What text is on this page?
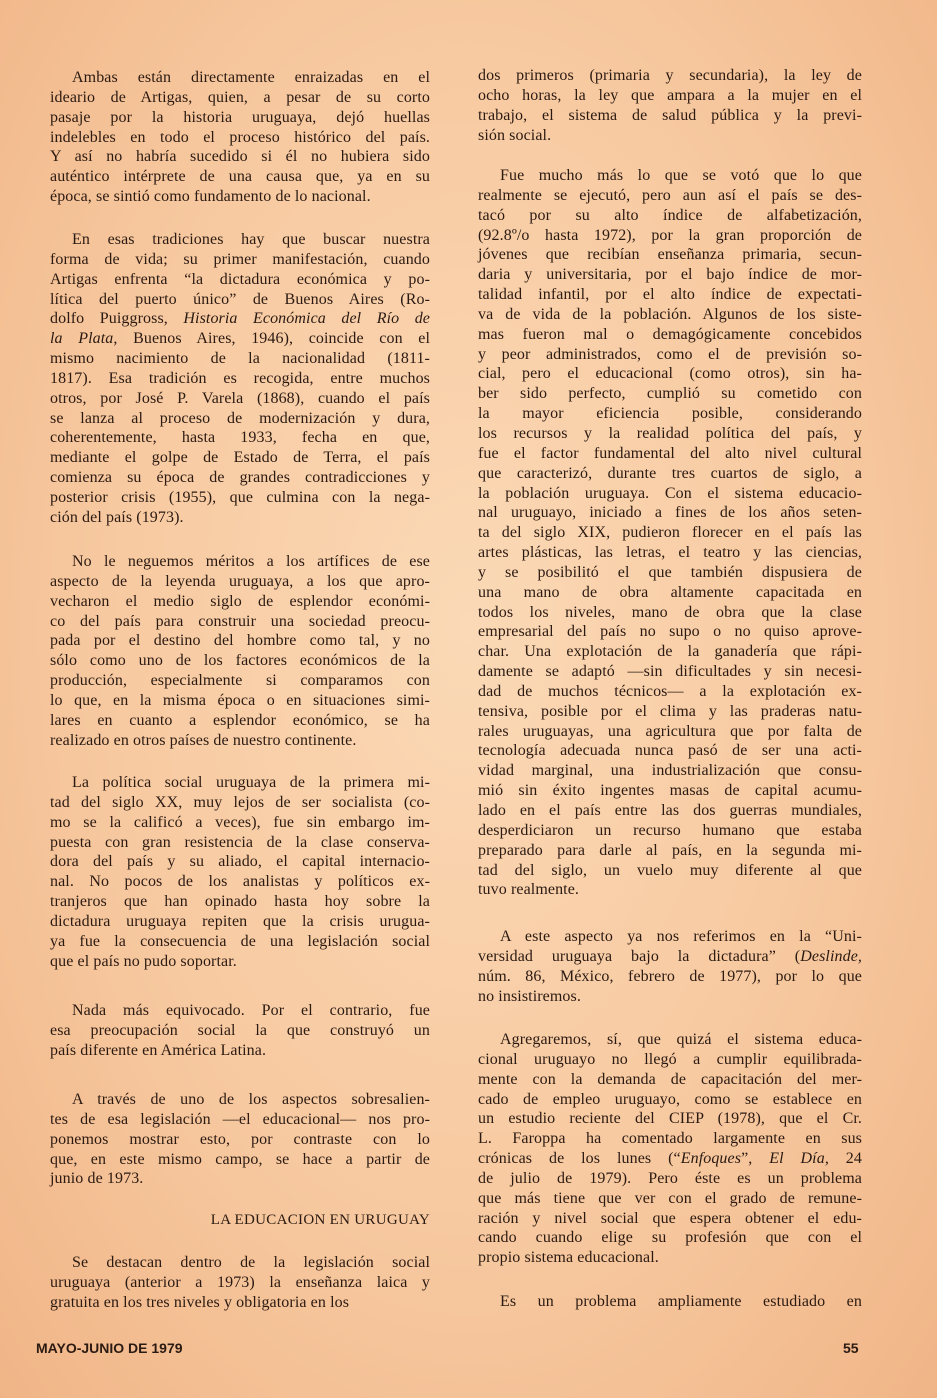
Ambas están directamente enraizadas en el
ideario de Artigas, quien, a pesar de su corto
pasaje por la historia uruguaya, dejó huellas
indelebles en todo el proceso histórico del país.
Y así no habría sucedido si él no hubiera sido
auténtico intérprete de una causa que, ya en su
época, se sintió como fundamento de lo nacional.
En esas tradiciones hay que buscar nuestra
forma de vida; su primer manifestación, cuando
Artigas enfrenta “la dictadura económica y po-
lítica del puerto único” de Buenos Aires (Ro-
dolfo Puiggross, Historia Económica del Río de
la Plata, Buenos Aires, 1946), coincide con el
mismo nacimiento de la nacionalidad (1811-
1817). Esa tradición es recogida, entre muchos
otros, por José P. Varela (1868), cuando el país
se lanza al proceso de modernización y dura,
coherentemente, hasta 1933, fecha en que,
mediante el golpe de Estado de Terra, el país
comienza su época de grandes contradicciones y
posterior crisis (1955), que culmina con la nega-
ción del país (1973).
No le neguemos méritos a los artífices de ese
aspecto de la leyenda uruguaya, a los que apro-
vecharon el medio siglo de esplendor económi-
co del país para construir una sociedad preocu-
pada por el destino del hombre como tal, y no
sólo como uno de los factores económicos de la
producción, especialmente si comparamos con
lo que, en la misma época o en situaciones simi-
lares en cuanto a esplendor económico, se ha
realizado en otros países de nuestro continente.
La política social uruguaya de la primera mi-
tad del siglo XX, muy lejos de ser socialista (co-
mo se la calificó a veces), fue sin embargo im-
puesta con gran resistencia de la clase conserva-
dora del país y su aliado, el capital internacio-
nal. No pocos de los analistas y políticos ex-
tranjeros que han opinado hasta hoy sobre la
dictadura uruguaya repiten que la crisis urugua-
ya fue la consecuencia de una legislación social
que el país no pudo soportar.
Nada más equivocado. Por el contrario, fue
esa preocupación social la que construyó un
país diferente en América Latina.
A través de uno de los aspectos sobresalien-
tes de esa legislación —el educacional— nos pro-
ponemos mostrar esto, por contraste con lo
que, en este mismo campo, se hace a partir de
junio de 1973.
LA EDUCACION EN URUGUAY
Se destacan dentro de la legislación social
uruguaya (anterior a 1973) la enseñanza laica y
gratuita en los tres niveles y obligatoria en los
dos primeros (primaria y secundaria), la ley de
ocho horas, la ley que ampara a la mujer en el
trabajo, el sistema de salud pública y la previ-
sión social.
Fue mucho más lo que se votó que lo que
realmente se ejecutó, pero aun así el país se des-
tacó por su alto índice de alfabetización,
(92.8º/o hasta 1972), por la gran proporción de
jóvenes que recibían enseñanza primaria, secun-
daria y universitaria, por el bajo índice de mor-
talidad infantil, por el alto índice de expectati-
va de vida de la población. Algunos de los siste-
mas fueron mal o demagógicamente concebidos
y peor administrados, como el de previsión so-
cial, pero el educacional (como otros), sin ha-
ber sido perfecto, cumplió su cometido con
la mayor eficiencia posible, considerando
los recursos y la realidad política del país, y
fue el factor fundamental del alto nivel cultural
que caracterizó, durante tres cuartos de siglo, a
la población uruguaya. Con el sistema educacio-
nal uruguayo, iniciado a fines de los años seten-
ta del siglo XIX, pudieron florecer en el país las
artes plásticas, las letras, el teatro y las ciencias,
y se posibilitó el que también dispusiera de
una mano de obra altamente capacitada en
todos los niveles, mano de obra que la clase
empresarial del país no supo o no quiso aprove-
char. Una explotación de la ganadería que rápi-
damente se adaptó —sin dificultades y sin necesi-
dad de muchos técnicos— a la explotación ex-
tensiva, posible por el clima y las praderas natu-
rales uruguayas, una agricultura que por falta de
tecnología adecuada nunca pasó de ser una acti-
vidad marginal, una industrialización que consu-
mió sin éxito ingentes masas de capital acumu-
lado en el país entre las dos guerras mundiales,
desperdiciaron un recurso humano que estaba
preparado para darle al país, en la segunda mi-
tad del siglo, un vuelo muy diferente al que
tuvo realmente.
A este aspecto ya nos referimos en la “Uni-
versidad uruguaya bajo la dictadura” (Deslinde,
núm. 86, México, febrero de 1977), por lo que
no insistiremos.
Agregaremos, sí, que quizá el sistema educa-
cional uruguayo no llegó a cumplir equilibrada-
mente con la demanda de capacitación del mer-
cado de empleo uruguayo, como se establece en
un estudio reciente del CIEP (1978), que el Cr.
L. Faroppa ha comentado largamente en sus
crónicas de los lunes (“Enfoques”, El Día, 24
de julio de 1979). Pero éste es un problema
que más tiene que ver con el grado de remune-
ración y nivel social que espera obtener el edu-
cando cuando elige su profesión que con el
propio sistema educacional.
Es un problema ampliamente estudiado en
MAYO-JUNIO DE 1979	55
